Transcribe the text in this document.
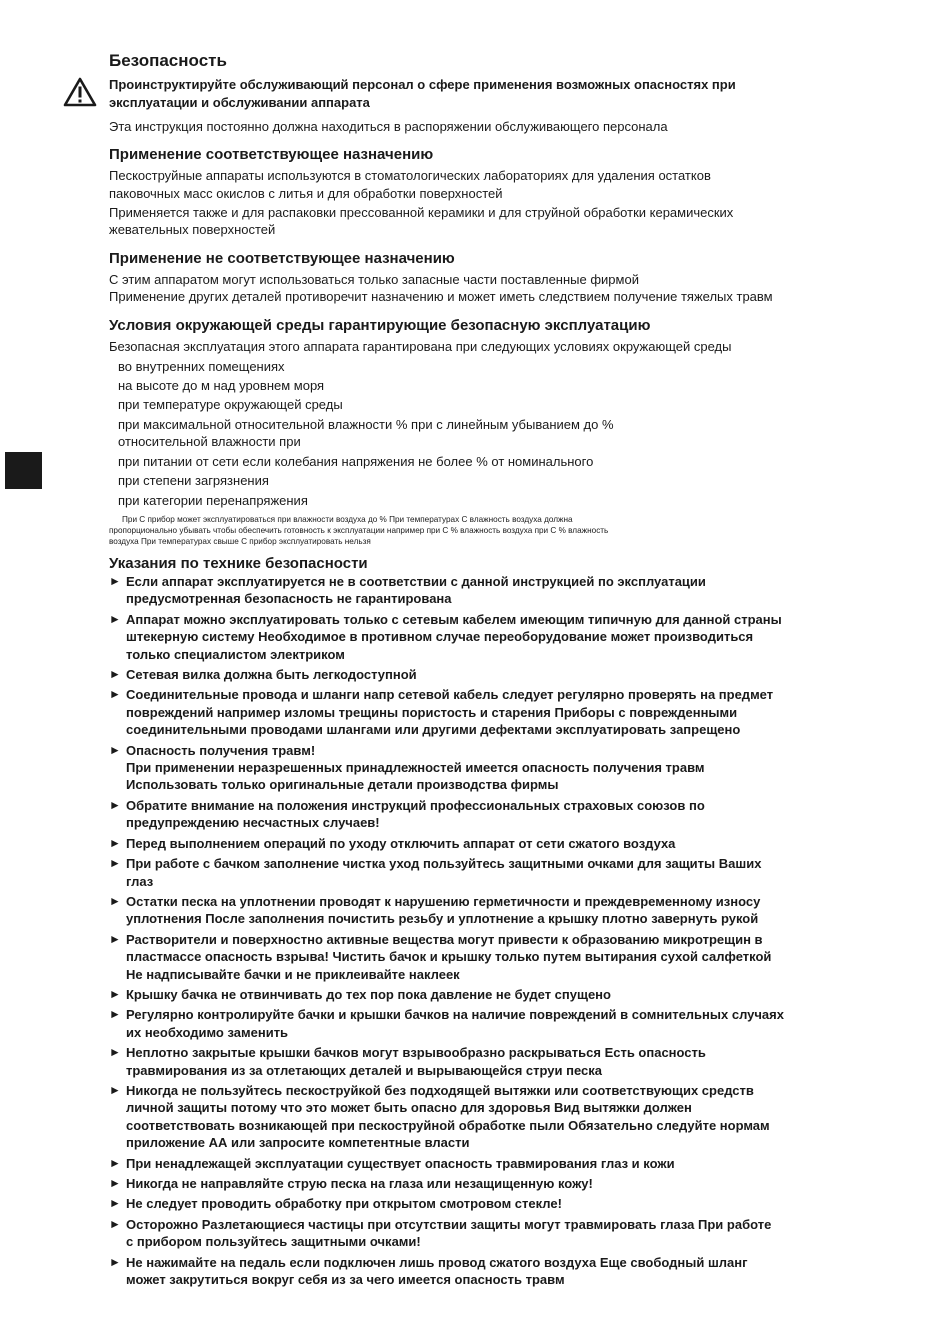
Безопасность
Проинструктируйте обслуживающий персонал о сфере применения возможных опасностях при
эксплуатации и обслуживании аппарата
Эта инструкция постоянно должна находиться в распоряжении обслуживающего персонала
Применение соответствующее назначению
Пескоструйные аппараты используются в стоматологических лабораториях для удаления остатков
паковочных масс окислов с литья и для обработки поверхностей
Применяется также и для распаковки прессованной керамики и для струйной обработки керамических
жевательных поверхностей
Применение не соответствующее назначению
С этим аппаратом могут использоваться только запасные части поставленные фирмой
Применение других деталей противоречит назначению и может иметь следствием получение тяжелых травм
Условия окружающей среды гарантирующие безопасную эксплуатацию
Безопасная эксплуатация этого аппарата гарантирована при следующих условиях окружающей среды
во внутренних помещениях
на высоте до м над уровнем моря
при температуре окружающей среды
при максимальной относительной влажности % при с линейным убыванием до %
относительной влажности при
при питании от сети если колебания напряжения не более % от номинального
при степени загрязнения
при категории перенапряжения
При С прибор может эксплуатироваться при влажности воздуха до % При температурах С влажность воздуха должна
пропорционально убывать чтобы обеспечить готовность к эксплуатации например при С % влажность воздуха при С % влажность
воздуха При температурах свыше С прибор эксплуатировать нельзя
Указания по технике безопасности
► Если аппарат эксплуатируется не в соответствии с данной инструкцией по эксплуатации
предусмотренная безопасность не гарантирована
► Аппарат можно эксплуатировать только с сетевым кабелем имеющим типичную для данной страны
штекерную систему Необходимое в противном случае переоборудование может производиться
только специалистом электриком
► Сетевая вилка должна быть легкодоступной
► Соединительные провода и шланги напр сетевой кабель следует регулярно проверять на предмет
повреждений например изломы трещины пористость и старения Приборы с поврежденными
соединительными проводами шлангами или другими дефектами эксплуатировать запрещено
► Опасность получения травм!
При применении неразрешенных принадлежностей имеется опасность получения травм
Использовать только оригинальные детали производства фирмы
► Обратите внимание на положения инструкций профессиональных страховых союзов по
предупреждению несчастных случаев!
► Перед выполнением операций по уходу отключить аппарат от сети сжатого воздуха
► При работе с бачком заполнение чистка уход пользуйтесь защитными очками для защиты Ваших
глаз
► Остатки песка на уплотнении проводят к нарушению герметичности и преждевременному износу
уплотнения После заполнения почистить резьбу и уплотнение а крышку плотно завернуть рукой
► Растворители и поверхностно активные вещества могут привести к образованию микротрещин в
пластмассе опасность взрыва! Чистить бачок и крышку только путем вытирания сухой салфеткой
Не надписывайте бачки и не приклеивайте наклеек
► Крышку бачка не отвинчивать до тех пор пока давление не будет спущено
► Регулярно контролируйте бачки и крышки бачков на наличие повреждений в сомнительных случаях
их необходимо заменить
► Неплотно закрытые крышки бачков могут взрывообразно раскрываться Есть опасность
травмирования из за отлетающих деталей и вырывающейся струи песка
► Никогда не пользуйтесь пескоструйкой без подходящей вытяжки или соответствующих средств
личной защиты потому что это может быть опасно для здоровья Вид вытяжки должен
соответствовать возникающей при пескоструйной обработке пыли Обязательно следуйте нормам
приложение АА или запросите компетентные власти
► При ненадлежащей эксплуатации существует опасность травмирования глаз и кожи
► Никогда не направляйте струю песка на глаза или незащищенную кожу!
► Не следует проводить обработку при открытом смотровом стекле!
► Осторожно Разлетающиеся частицы при отсутствии защиты могут травмировать глаза При работе
с прибором пользуйтесь защитными очками!
► Не нажимайте на педаль если подключен лишь провод сжатого воздуха Еще свободный шланг
может закрутиться вокруг себя из за чего имеется опасность травм
